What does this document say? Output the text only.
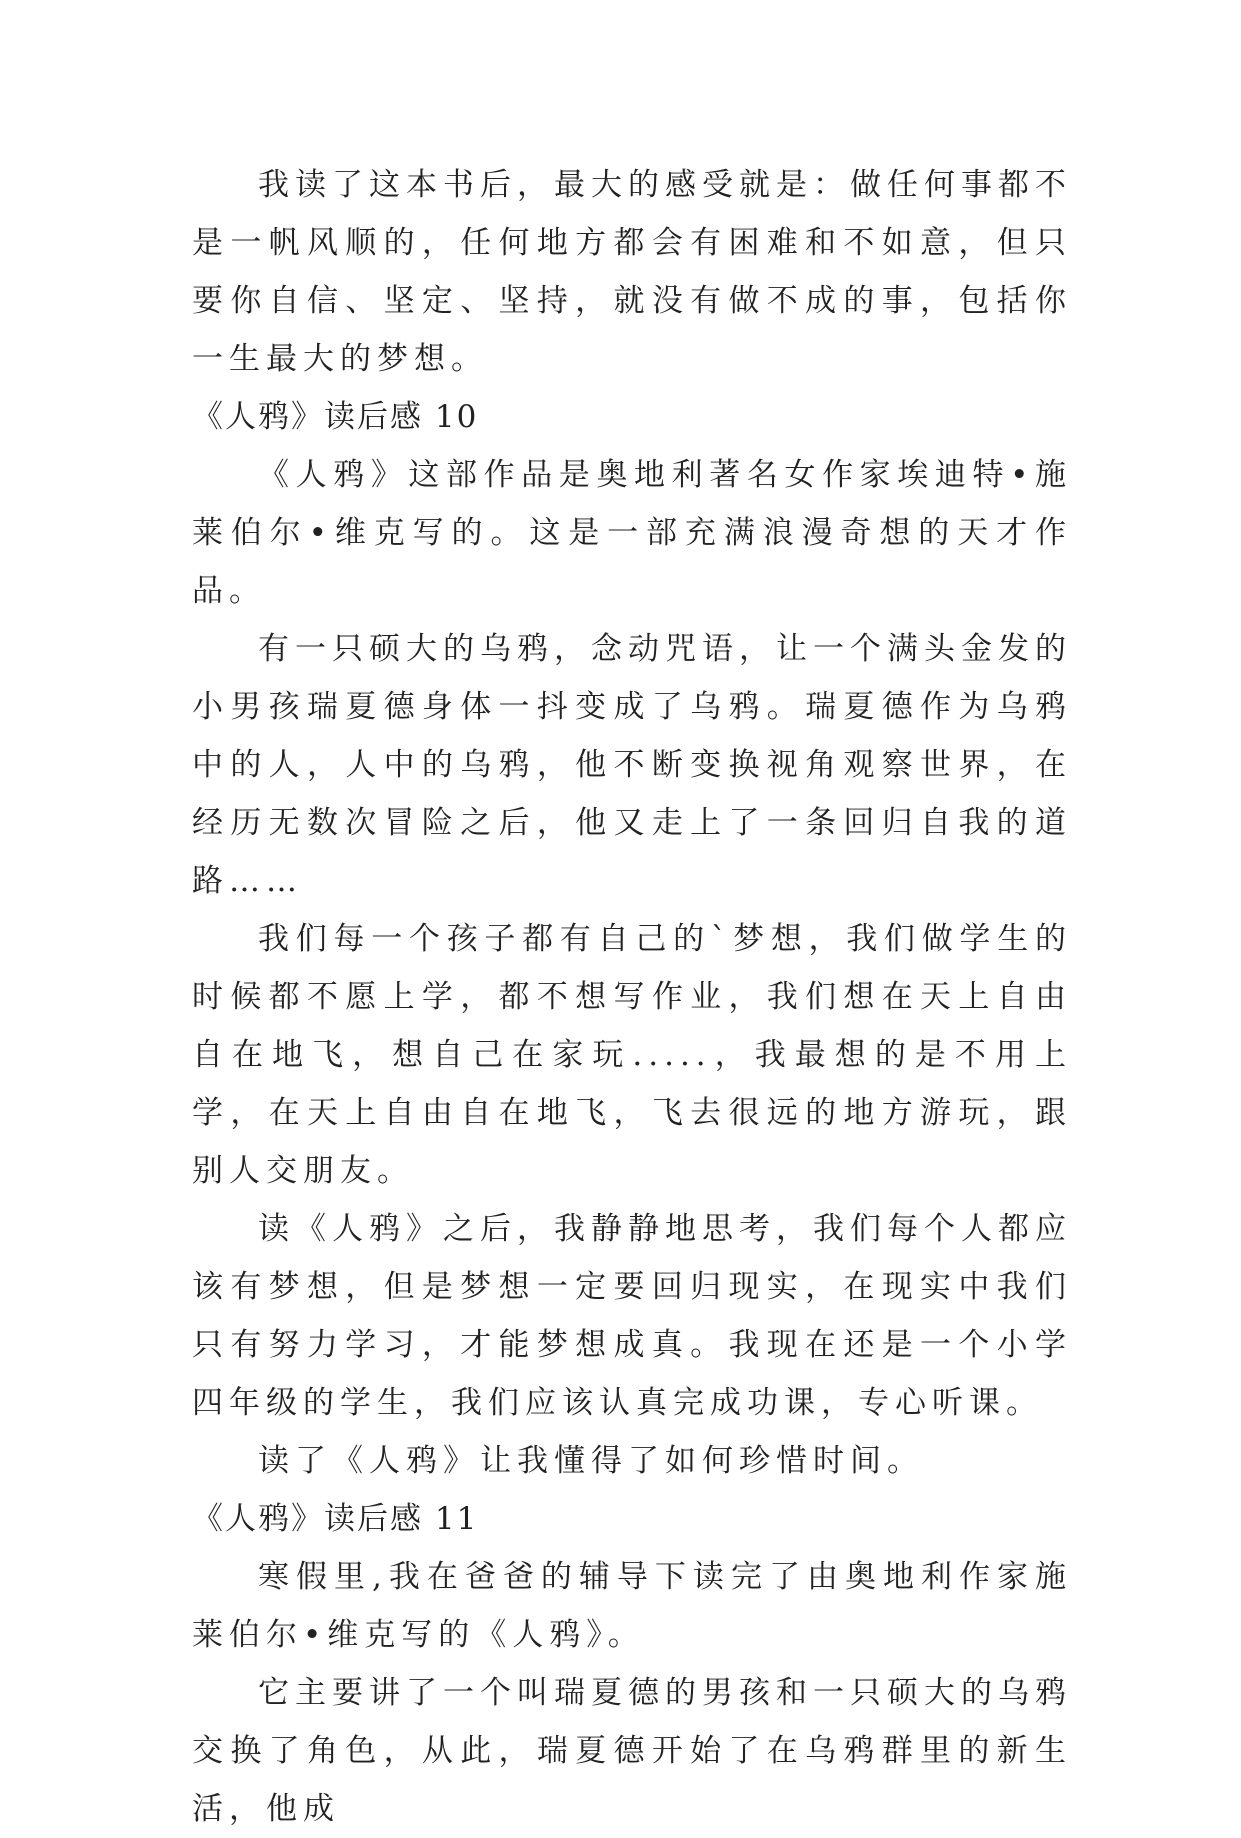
我读了这本书后，最大的感受就是：做任何事都不是一帆风顺的，任何地方都会有困难和不如意，但只要你自信、坚定、坚持，就没有做不成的事，包括你一生最大的梦想。

《人鸦》读后感 10

《人鸦》这部作品是奥地利著名女作家埃迪特•施莱伯尔•维克写的。这是一部充满浪漫奇想的天才作品。

有一只硕大的乌鸦，念动咒语，让一个满头金发的小男孩瑞夏德身体一抖变成了乌鸦。瑞夏德作为乌鸦中的人，人中的乌鸦，他不断变换视角观察世界，在经历无数次冒险之后，他又走上了一条回归自我的道路……

我们每一个孩子都有自己的`梦想，我们做学生的时候都不愿上学，都不想写作业，我们想在天上自由自在地飞，想自己在家玩.....，我最想的是不用上学，在天上自由自在地飞，飞去很远的地方游玩，跟别人交朋友。

读《人鸦》之后，我静静地思考，我们每个人都应该有梦想，但是梦想一定要回归现实，在现实中我们只有努力学习，才能梦想成真。我现在还是一个小学四年级的学生，我们应该认真完成功课，专心听课。

读了《人鸦》让我懂得了如何珍惜时间。

《人鸦》读后感 11

寒假里,我在爸爸的辅导下读完了由奥地利作家施莱伯尔•维克写的《人鸦》。

它主要讲了一个叫瑞夏德的男孩和一只硕大的乌鸦交换了角色，从此，瑞夏德开始了在乌鸦群里的新生活，他成
